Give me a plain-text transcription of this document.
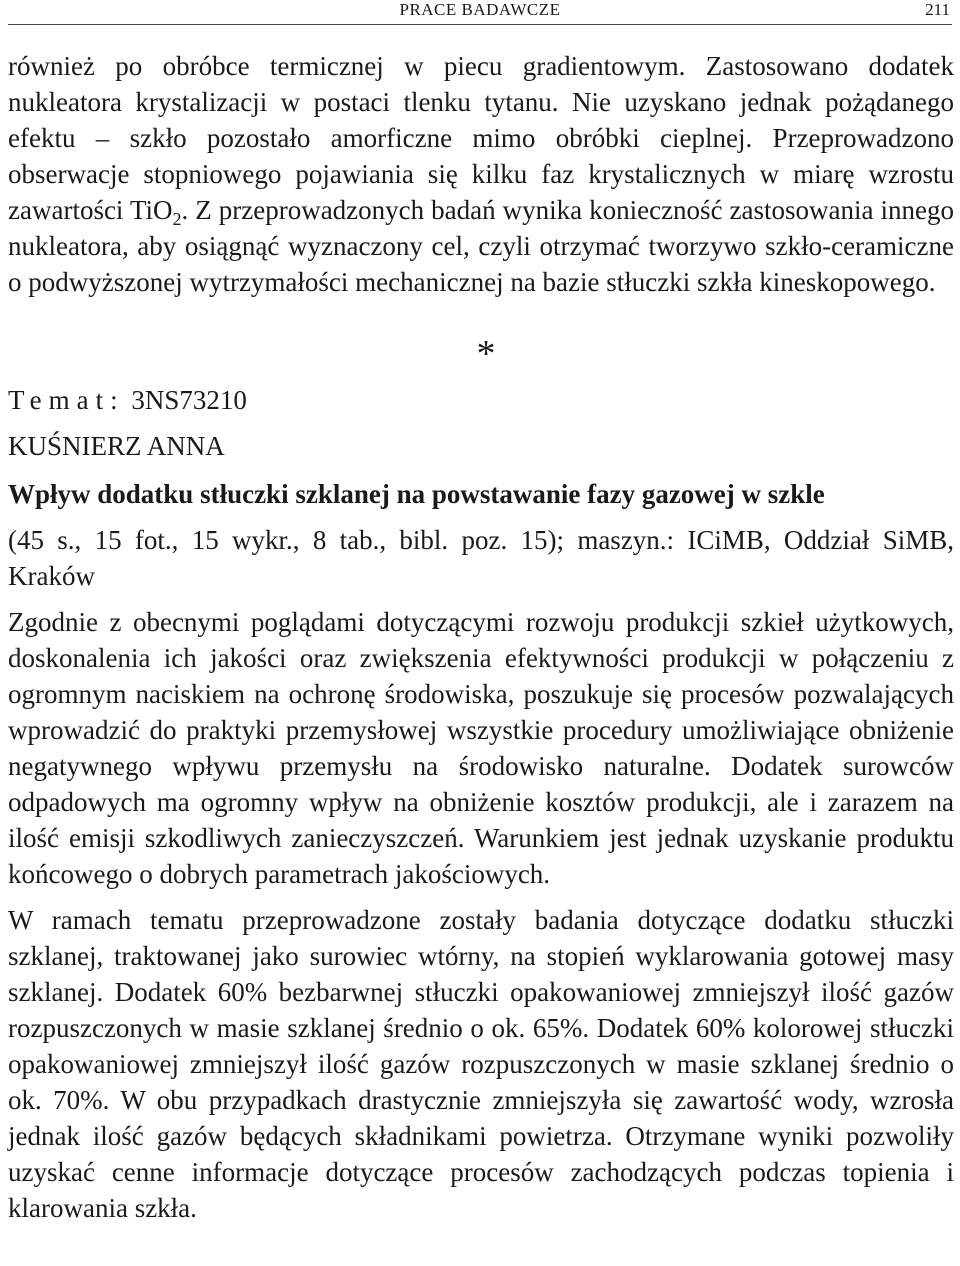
PRACE BADAWCZE	211

również po obróbce termicznej w piecu gradientowym. Zastosowano dodatek nukleatora krystalizacji w postaci tlenku tytanu. Nie uzyskano jednak pożądanego efektu – szkło pozostało amorficzne mimo obróbki cieplnej. Przeprowadzono obserwacje stopniowego pojawiania się kilku faz krystalicznych w miarę wzrostu zawartości TiO$_2$. Z przeprowadzonych badań wynika konieczność zastosowania innego nukleatora, aby osiągnąć wyznaczony cel, czyli otrzymać tworzywo szkło-ceramiczne o podwyższonej wytrzymałości mechanicznej na bazie stłuczki szkła kineskopowego.

*

Temat: 3NS73210

KUŚNIERZ ANNA

Wpływ dodatku stłuczki szklanej na powstawanie fazy gazowej w szkle

(45 s., 15 fot., 15 wykr., 8 tab., bibl. poz. 15); maszyn.: ICiMB, Oddział SiMB, Kraków

Zgodnie z obecnymi poglądami dotyczącymi rozwoju produkcji szkieł użytkowych, doskonalenia ich jakości oraz zwiększenia efektywności produkcji w połączeniu z ogromnym naciskiem na ochronę środowiska, poszukuje się procesów pozwalających wprowadzić do praktyki przemysłowej wszystkie procedury umożliwiające obniżenie negatywnego wpływu przemysłu na środowisko naturalne. Dodatek surowców odpadowych ma ogromny wpływ na obniżenie kosztów produkcji, ale i zarazem na ilość emisji szkodliwych zanieczyszczeń. Warunkiem jest jednak uzyskanie produktu końcowego o dobrych parametrach jakościowych.

W ramach tematu przeprowadzone zostały badania dotyczące dodatku stłuczki szklanej, traktowanej jako surowiec wtórny, na stopień wyklarowania gotowej masy szklanej. Dodatek 60% bezbarwnej stłuczki opakowaniowej zmniejszył ilość gazów rozpuszczonych w masie szklanej średnio o ok. 65%. Dodatek 60% kolorowej stłuczki opakowaniowej zmniejszył ilość gazów rozpuszczonych w masie szklanej średnio o ok. 70%. W obu przypadkach drastycznie zmniejszyła się zawartość wody, wzrosła jednak ilość gazów będących składnikami powietrza. Otrzymane wyniki pozwoliły uzyskać cenne informacje dotyczące procesów zachodzących podczas topienia i klarowania szkła.
